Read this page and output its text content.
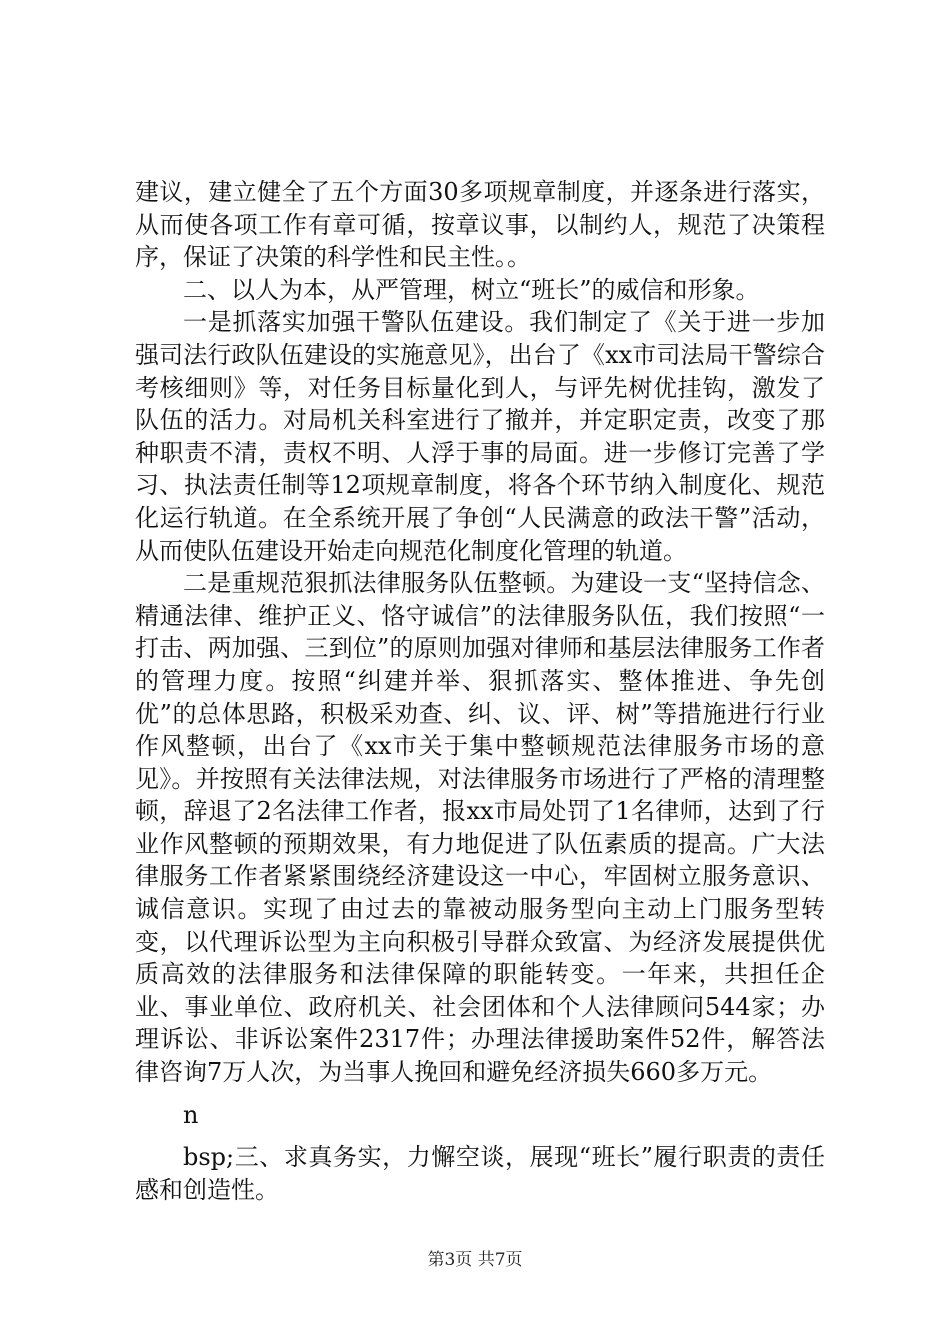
建议，建立健全了五个方面30多项规章制度，并逐条进行落实，从而使各项工作有章可循，按章议事，以制约人，规范了决策程序，保证了决策的科学性和民主性。。

二、以人为本，从严管理，树立“班长”的威信和形象。

一是抓落实加强干警队伍建设。我们制定了《关于进一步加强司法行政队伍建设的实施意见》，出台了《xx市司法局干警综合考核细则》等，对任务目标量化到人，与评先树优挂钩，激发了队伍的活力。对局机关科室进行了撤并，并定职定责，改变了那种职责不清，责权不明、人浮于事的局面。进一步修订完善了学习、执法责任制等12项规章制度，将各个环节纳入制度化、规范化运行轨道。在全系统开展了争创“人民满意的政法干警”活动，从而使队伍建设开始走向规范化制度化管理的轨道。

二是重规范狠抓法律服务队伍整顿。为建设一支“坚持信念、精通法律、维护正义、恪守诚信”的法律服务队伍，我们按照“一打击、两加强、三到位”的原则加强对律师和基层法律服务工作者的管理力度。按照“纠建并举、狠抓落实、整体推进、争先创优”的总体思路，积极采劝查、纠、议、评、树”等措施进行行业作风整顿，出台了《xx市关于集中整顿规范法律服务市场的意见》。并按照有关法律法规，对法律服务市场进行了严格的清理整顿，辞退了2名法律工作者，报xx市局处罚了1名律师，达到了行业作风整顿的预期效果，有力地促进了队伍素质的提高。广大法律服务工作者紧紧围绕经济建设这一中心，牢固树立服务意识、诚信意识。实现了由过去的靠被动服务型向主动上门服务型转变，以代理诉讼型为主向积极引导群众致富、为经济发展提供优质高效的法律服务和法律保障的职能转变。一年来，共担任企业、事业单位、政府机关、社会团体和个人法律顾问544家；办理诉讼、非诉讼案件2317件；办理法律援助案件52件，解答法律咨询7万人次，为当事人挽回和避免经济损失660多万元。

n

bsp;三、求真务实，力懈空谈，展现“班长”履行职责的责任感和创造性。

第3页 共7页
